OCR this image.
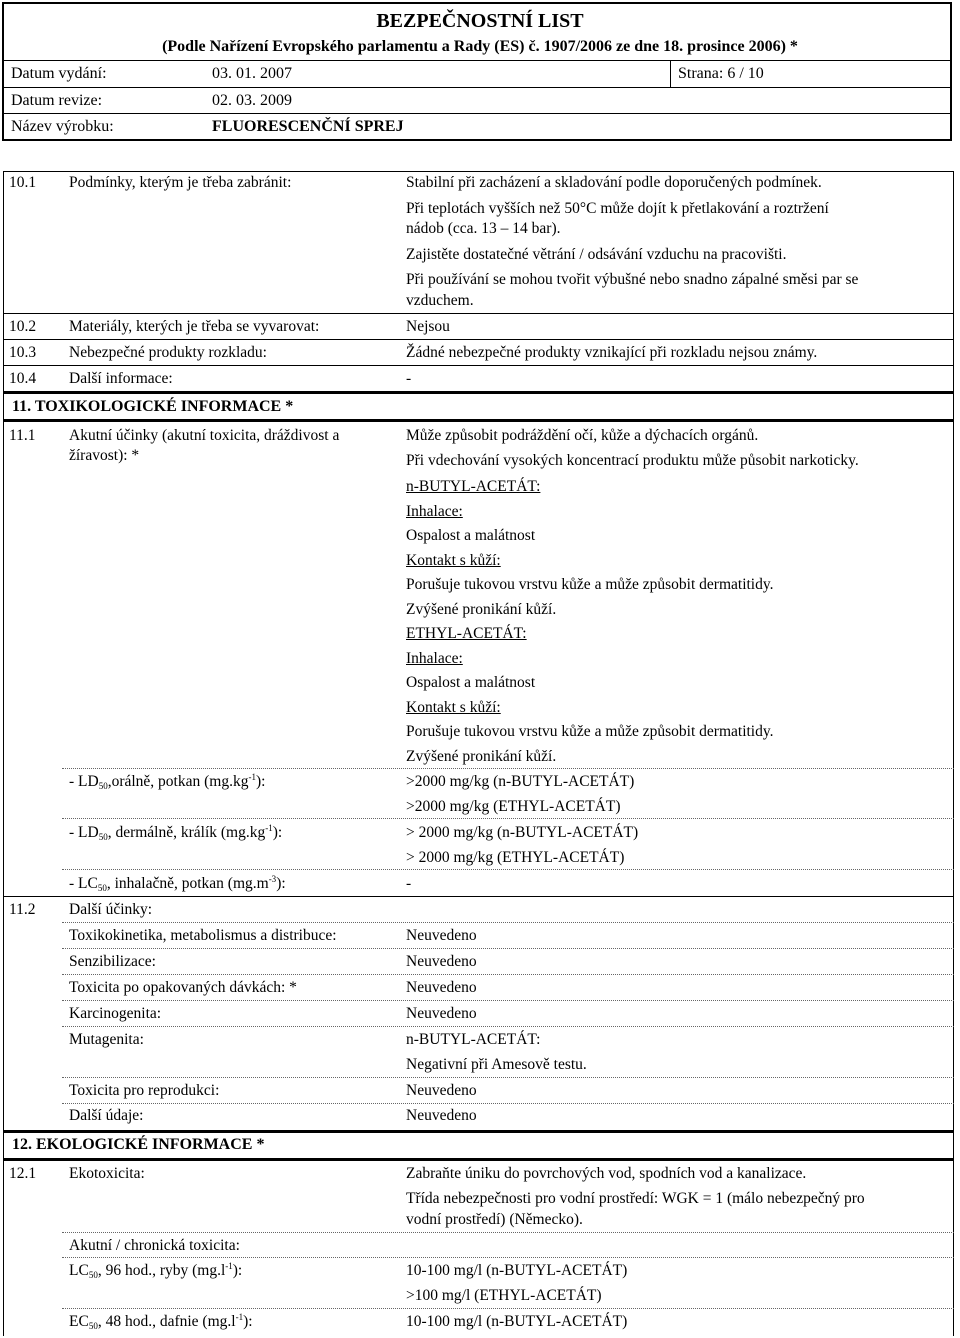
BEZPEČNOSTNÍ LIST
(Podle Nařízení Evropského parlamentu a Rady (ES) č. 1907/2006 ze dne 18. prosince 2006) *
Datum vydání:	03. 01. 2007	Strana: 6 / 10
Datum revize:	02. 03. 2009
Název výrobku:	FLUORESCENČNÍ SPREJ
10.1 Podmínky, kterým je třeba zabránit:	Stabilní při zacházení a skladování podle doporučených podmínek.
Při teplotách vyšších než 50°C může dojít k přetlakování a roztržení
nádob (cca. 13 – 14 bar).
Zajistěte dostatečné větrání / odsávání vzduchu na pracovišti.
Při používání se mohou tvořit výbušné nebo snadno zápalné směsi par se
vzduchem.
10.2 Materiály, kterých je třeba se vyvarovat:	Nejsou
10.3 Nebezpečné produkty rozkladu:	Žádné nebezpečné produkty vznikající při rozkladu nejsou známy.
10.4 Další informace:	-
11. TOXIKOLOGICKÉ INFORMACE *
11.1 Akutní účinky (akutní toxicita, dráždivost a
žíravost): *
Může způsobit podráždění očí, kůže a dýchacích orgánů.
Při vdechování vysokých koncentrací produktu může působit narkoticky.
n-BUTYL-ACETÁT:
Inhalace:
Ospalost a malátnost
Kontakt s kůží:
Porušuje tukovou vrstvu kůže a může způsobit dermatitidy.
Zvýšené pronikání kůží.
ETHYL-ACETÁT:
Inhalace:
Ospalost a malátnost
Kontakt s kůží:
Porušuje tukovou vrstvu kůže a může způsobit dermatitidy.
Zvýšené pronikání kůží.
- $LD_{50},orá\ln ě$, potkan $(mg.kg^{-1})$:	>2000 mg/kg (n-BUTYL-ACETÁT)
>2000 mg/kg (ETHYL-ACETÁT)
- $LD_{50}$, dermálně, králík $(mg.kg^{-1})$:	> 2000 mg/kg (n-BUTYL-ACETÁT)
> 2000 mg/kg (ETHYL-ACETÁT)
- $LC_{50}$, inhalačně, potkan $(mg.m^{-3})$:	-
11.2 Další účinky:
Toxikokinetika, metabolismus a distribuce:	Neuvedeno
Senzibilizace:	Neuvedeno
Toxicita po opakovaných dávkách: *	Neuvedeno
Karcinogenita:	Neuvedeno
Mutagenita:	n-BUTYL-ACETÁT:
Negativní při Amesově testu.
Toxicita pro reprodukci:	Neuvedeno
Další údaje:	Neuvedeno
12. EKOLOGICKÉ INFORMACE *
12.1 Ekotoxicita:	Zabraňte úniku do povrchových vod, spodních vod a kanalizace.
Třída nebezpečnosti pro vodní prostředí: WGK = 1 (málo nebezpečný pro
vodní prostředí) (Německo).
Akutní / chronická toxicita:
$LC_{50}$, 96 hod., ryby $(mg.l^{-1})$:	10-100 mg/l (n-BUTYL-ACETÁT)
>100 mg/l (ETHYL-ACETÁT)
$EC_{50}$, 48 hod., dafnie $(mg.l^{-1})$:	10-100 mg/l (n-BUTYL-ACETÁT)
